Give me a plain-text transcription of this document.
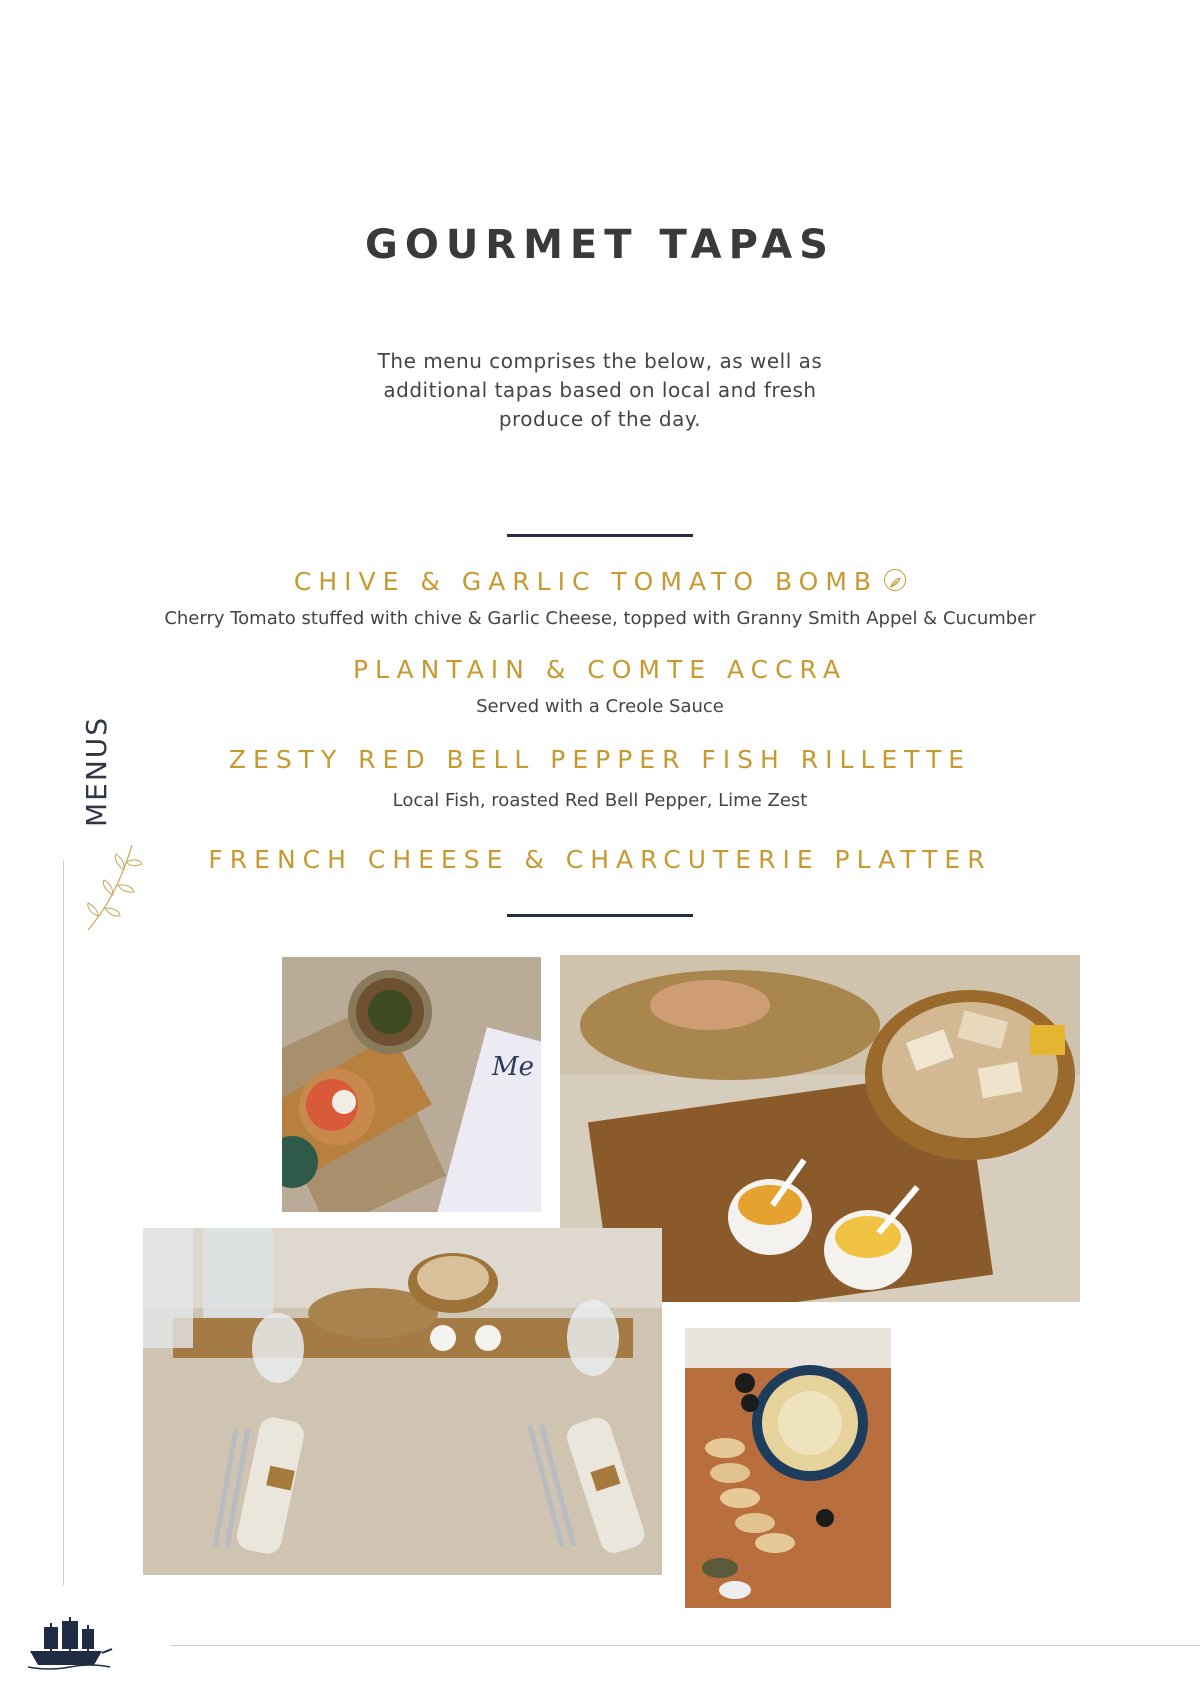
GOURMET TAPAS
The menu comprises the below, as well as additional tapas based on local and fresh produce of the day.
CHIVE & GARLIC TOMATO BOMB
Cherry Tomato stuffed with chive & Garlic Cheese, topped with Granny Smith Appel & Cucumber
PLANTAIN & COMTE ACCRA
Served with a Creole Sauce
ZESTY RED BELL PEPPER FISH RILLETTE
Local Fish, roasted Red Bell Pepper, Lime Zest
FRENCH CHEESE & CHARCUTERIE PLATTER
MENUS
Me
